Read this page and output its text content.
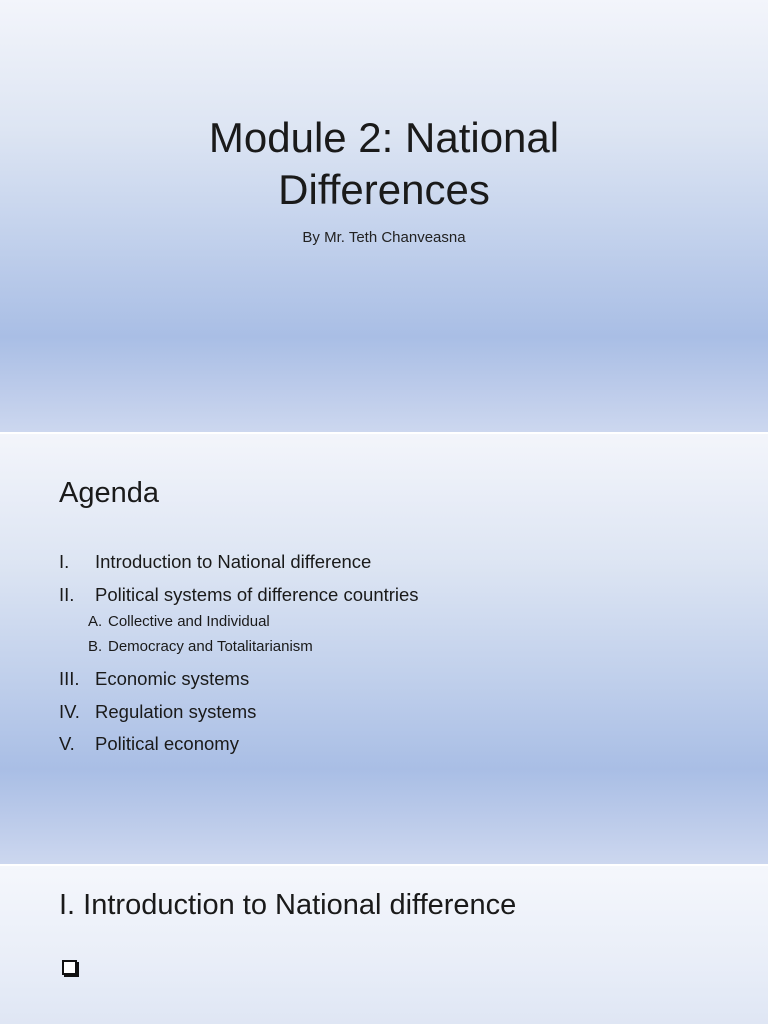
Module 2: National
Differences
By Mr. Teth Chanveasna
Agenda
I. Introduction to National difference
II. Political systems of difference countries
A. Collective and Individual
B. Democracy and Totalitarianism
III. Economic systems
IV. Regulation systems
V. Political economy
I. Introduction to National difference
